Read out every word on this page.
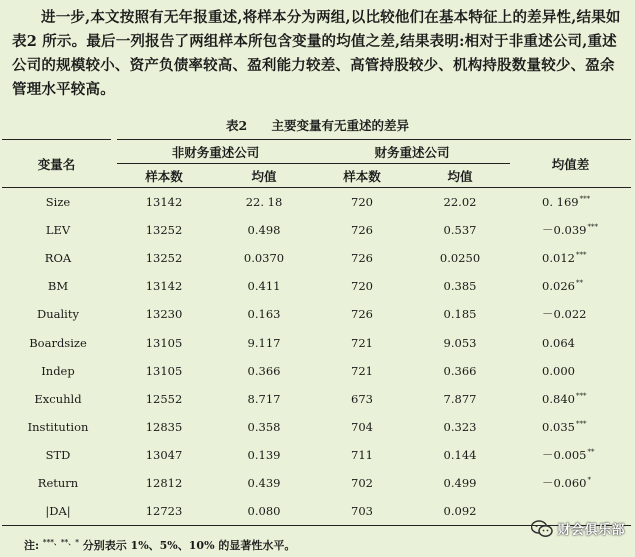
进一步,本文按照有无年报重述,将样本分为两组,以比较他们在基本特征上的差异性,结果如表2 所示。最后一列报告了两组样本所包含变量的均值之差,结果表明:相对于非重述公司,重述公司的规模较小、资产负债率较高、盈利能力较差、高管持股较少、机构持股数量较少、盈余管理水平较高。

表2 主要变量有无重述的差异
变量名	非财务重述公司		财务重述公司		均值差
	样本数	均值	样本数	均值	
Size	13142	22. 18	720	22.02	0. 169***
LEV	13252	0.498	726	0.537	－0.039***
ROA	13252	0.0370	726	0.0250	0.012***
BM	13142	0.411	720	0.385	0.026**
Duality	13230	0.163	726	0.185	－0.022
Boardsize	13105	9.117	721	9.053	0.064
Indep	13105	0.366	721	0.366	0.000
Excuhld	12552	8.717	673	7.877	0.840***
Institution	12835	0.358	704	0.323	0.035***
STD	13047	0.139	711	0.144	－0.005**
Return	12812	0.439	702	0.499	－0.060*
|DA|	12723	0.080	703	0.092	
注: ***、**、* 分别表示 1%、5%、10% 的显著性水平。
财会俱乐部
